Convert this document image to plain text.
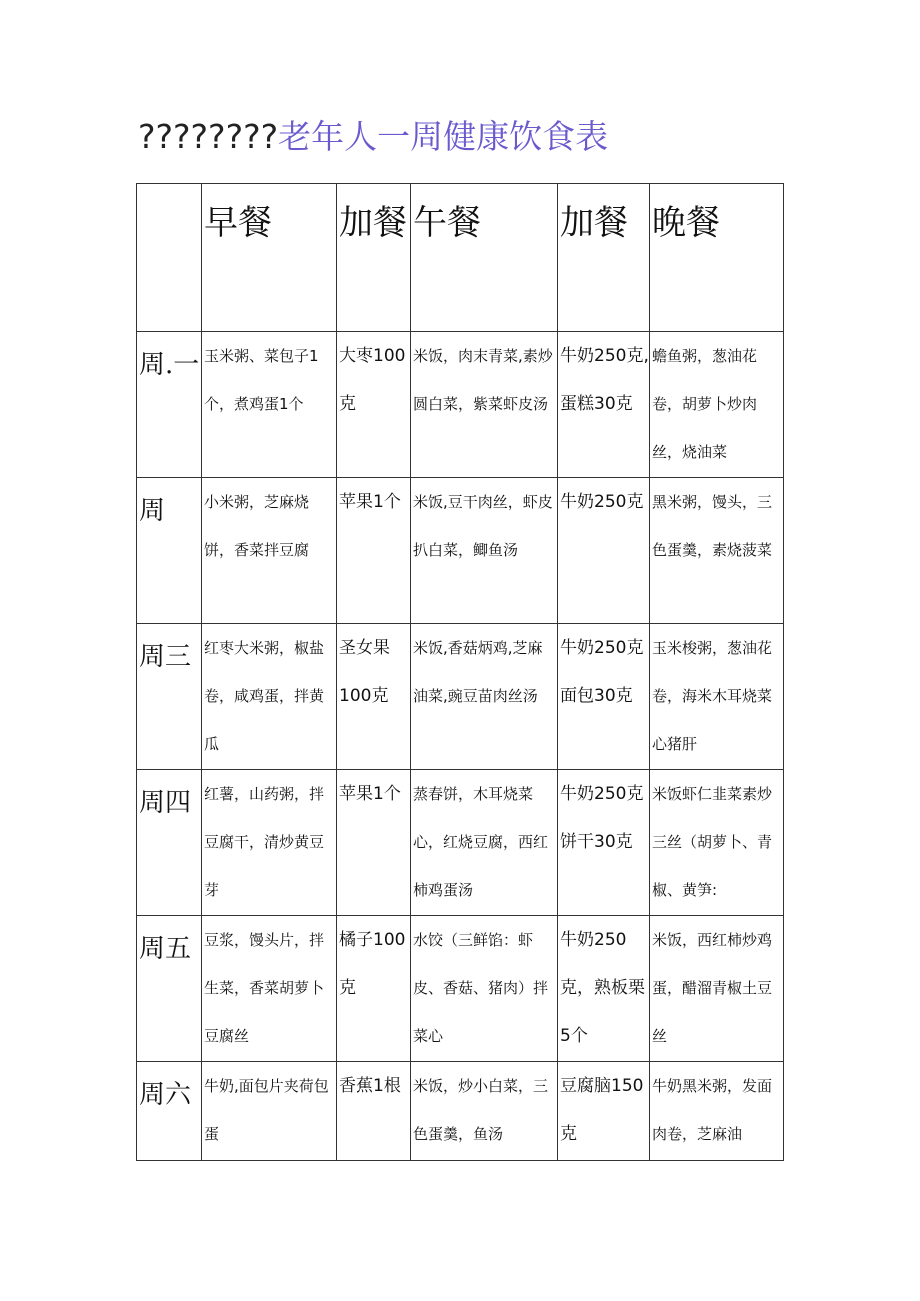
????????老年人一周健康饮食表
	早餐	加餐	午餐	加餐	晚餐
周.一	玉米粥、菜包子1个，煮鸡蛋1个	大枣100克	米饭，肉末青菜,素炒圆白菜，紫菜虾皮汤	牛奶250克,蛋糕30克	蟾鱼粥，葱油花卷，胡萝卜炒肉丝，烧油菜
周	小米粥，芝麻烧饼，香菜拌豆腐	苹果1个	米饭,豆干肉丝，虾皮扒白菜，鲫鱼汤	牛奶250克	黑米粥，馒头，三色蛋羹，素烧菠菜
周三	红枣大米粥，椒盐卷，咸鸡蛋，拌黄瓜	圣女果100克	米饭,香菇炳鸡,芝麻油菜,豌豆苗肉丝汤	牛奶250克面包30克	玉米梭粥，葱油花卷，海米木耳烧菜心猪肝
周四	红薯，山药粥，拌豆腐干，清炒黄豆芽	苹果1个	蒸春饼，木耳烧菜心，红烧豆腐，西红柿鸡蛋汤	牛奶250克饼干30克	米饭虾仁韭菜素炒三丝（胡萝卜、青椒、黄笋:
周五	豆浆，馒头片，拌生菜，香菜胡萝卜豆腐丝	橘子100克	水饺（三鲜馅：虾皮、香菇、猪肉）拌菜心	牛奶250克，熟板栗5个	米饭，西红柿炒鸡蛋，醋溜青椒土豆丝
周六	牛奶,面包片夹荷包蛋	香蕉1根	米饭，炒小白菜，三色蛋羹，鱼汤	豆腐脑150克	牛奶黑米粥，发面肉卷，芝麻油
